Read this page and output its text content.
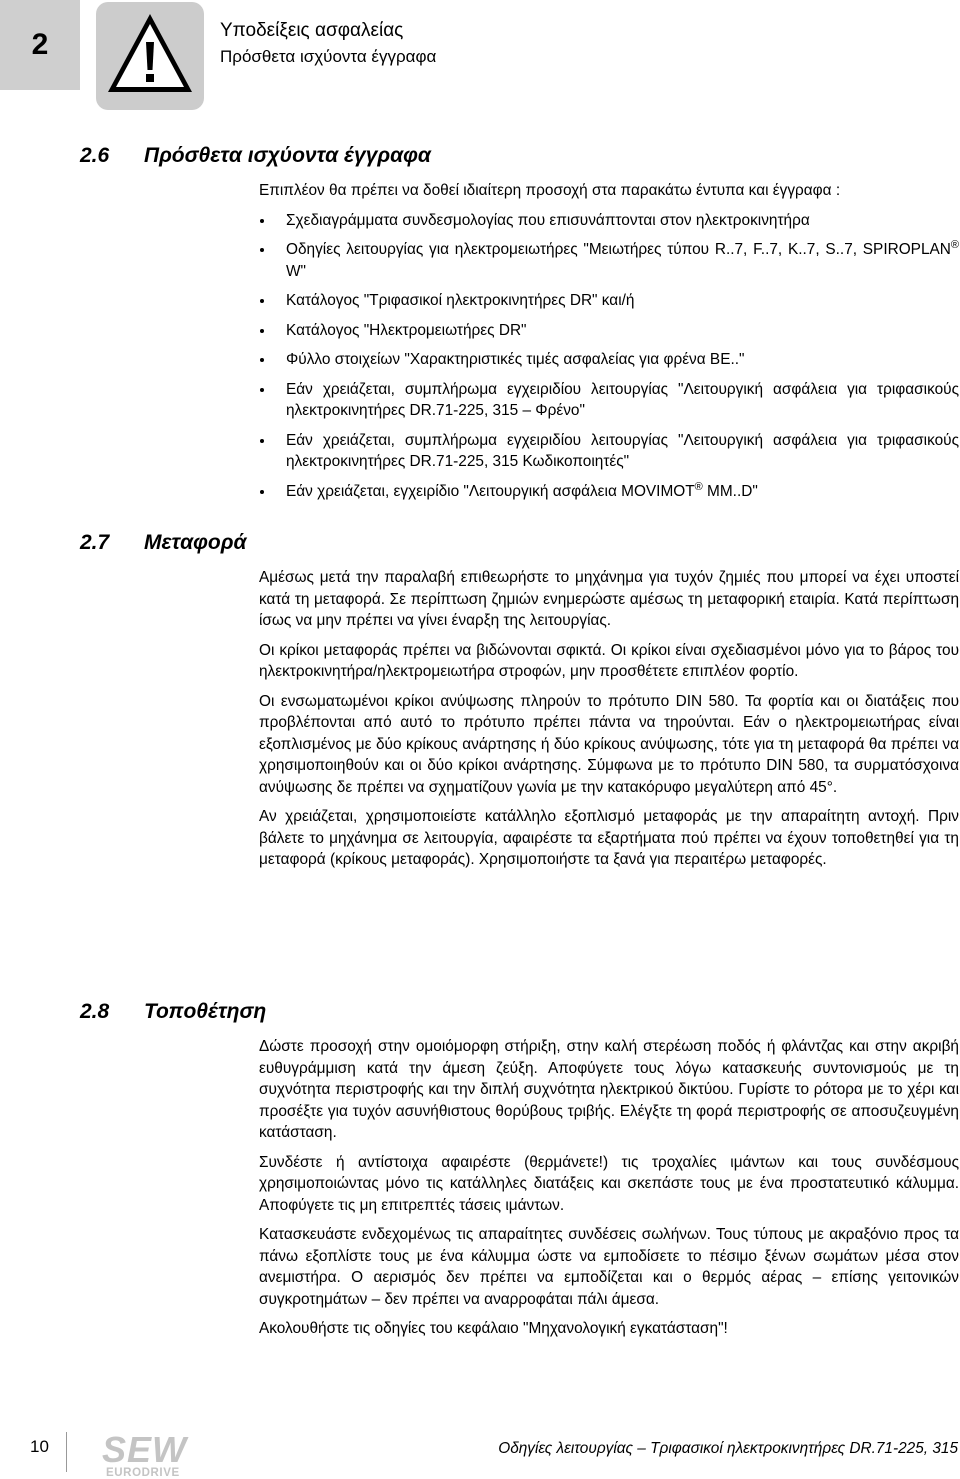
2	Υποδείξεις ασφαλείας
Πρόσθετα ισχύοντα έγγραφα
2.6 Πρόσθετα ισχύοντα έγγραφα

Επιπλέον θα πρέπει να δοθεί ιδιαίτερη προσοχή στα παρακάτω έντυπα και έγγραφα :

Σχεδιαγράμματα συνδεσμολογίας που επισυνάπτονται στον ηλεκτροκινητήρα
Οδηγίες λειτουργίας για ηλεκτρομειωτήρες "Μειωτήρες τύπου R..7, F..7, K..7, S..7, SPIROPLAN® W"
Κατάλογος "Τριφασικοί ηλεκτροκινητήρες DR" και/ή
Κατάλογος "Ηλεκτρομειωτήρες DR"
Φύλλο στοιχείων "Χαρακτηριστικές τιμές ασφαλείας για φρένα BE.."
Εάν χρειάζεται, συμπλήρωμα εγχειριδίου λειτουργίας "Λειτουργική ασφάλεια για τριφασικούς ηλεκτροκινητήρες DR.71-225, 315 – Φρένο"
Εάν χρειάζεται, συμπλήρωμα εγχειριδίου λειτουργίας "Λειτουργική ασφάλεια για τριφασικούς ηλεκτροκινητήρες DR.71-225, 315 Κωδικοποιητές"
Εάν χρειάζεται, εγχειρίδιο "Λειτουργική ασφάλεια MOVIMOT® MM..D"
2.7 Μεταφορά

Αμέσως μετά την παραλαβή επιθεωρήστε το μηχάνημα για τυχόν ζημιές που μπορεί να έχει υποστεί κατά τη μεταφορά. Σε περίπτωση ζημιών ενημερώστε αμέσως τη μεταφορική εταιρία. Κατά περίπτωση ίσως να μην πρέπει να γίνει έναρξη της λειτουργίας.

Οι κρίκοι μεταφοράς πρέπει να βιδώνονται σφικτά. Οι κρίκοι είναι σχεδιασμένοι μόνο για το βάρος του ηλεκτροκινητήρα/ηλεκτρομειωτήρα στροφών, μην προσθέτετε επιπλέον φορτίο.

Οι ενσωματωμένοι κρίκοι ανύψωσης πληρούν το πρότυπο DIN 580. Τα φορτία και οι διατάξεις που προβλέπονται από αυτό το πρότυπο πρέπει πάντα να τηρούνται. Εάν ο ηλεκτρομειωτήρας είναι εξοπλισμένος με δύο κρίκους ανάρτησης ή δύο κρίκους ανύψωσης, τότε για τη μεταφορά θα πρέπει να χρησιμοποιηθούν και οι δύο κρίκοι ανάρτησης. Σύμφωνα με το πρότυπο DIN 580, τα συρματόσχοινα ανύψωσης δε πρέπει να σχηματίζουν γωνία με την κατακόρυφο μεγαλύτερη από 45°.

Αν χρειάζεται, χρησιμοποιείστε κατάλληλο εξοπλισμό μεταφοράς με την απαραίτητη αντοχή. Πριν βάλετε το μηχάνημα σε λειτουργία, αφαιρέστε τα εξαρτήματα πού πρέπει να έχουν τοποθετηθεί για τη μεταφορά (κρίκους μεταφοράς). Χρησιμοποιήστε τα ξανά για περαιτέρω μεταφορές.

2.8 Τοποθέτηση

Δώστε προσοχή στην ομοιόμορφη στήριξη, στην καλή στερέωση ποδός ή φλάντζας και στην ακριβή ευθυγράμμιση κατά την άμεση ζεύξη. Αποφύγετε τους λόγω κατασκευής συντονισμούς με τη συχνότητα περιστροφής και την διπλή συχνότητα ηλεκτρικού δικτύου. Γυρίστε το ρότορα με το χέρι και προσέξτε για τυχόν ασυνήθιστους θορύβους τριβής. Ελέγξτε τη φορά περιστροφής σε αποσυζευγμένη κατάσταση.

Συνδέστε ή αντίστοιχα αφαιρέστε (θερμάνετε!) τις τροχαλίες ιμάντων και τους συνδέσμους χρησιμοποιώντας μόνο τις κατάλληλες διατάξεις και σκεπάστε τους με ένα προστατευτικό κάλυμμα. Αποφύγετε τις μη επιτρεπτές τάσεις ιμάντων.

Κατασκευάστε ενδεχομένως τις απαραίτητες συνδέσεις σωλήνων. Τους τύπους με ακραξόνιο προς τα πάνω εξοπλίστε τους με ένα κάλυμμα ώστε να εμποδίσετε το πέσιμο ξένων σωμάτων μέσα στον ανεμιστήρα. Ο αερισμός δεν πρέπει να εμποδίζεται και ο θερμός αέρας – επίσης γειτονικών συγκροτημάτων – δεν πρέπει να αναρροφάται πάλι άμεσα.

Ακολουθήστε τις οδηγίες του κεφάλαιο "Μηχανολογική εγκατάσταση"!

10 SEW
EURODRIVE
Οδηγίες λειτουργίας – Τριφασικοί ηλεκτροκινητήρες DR.71-225, 315
